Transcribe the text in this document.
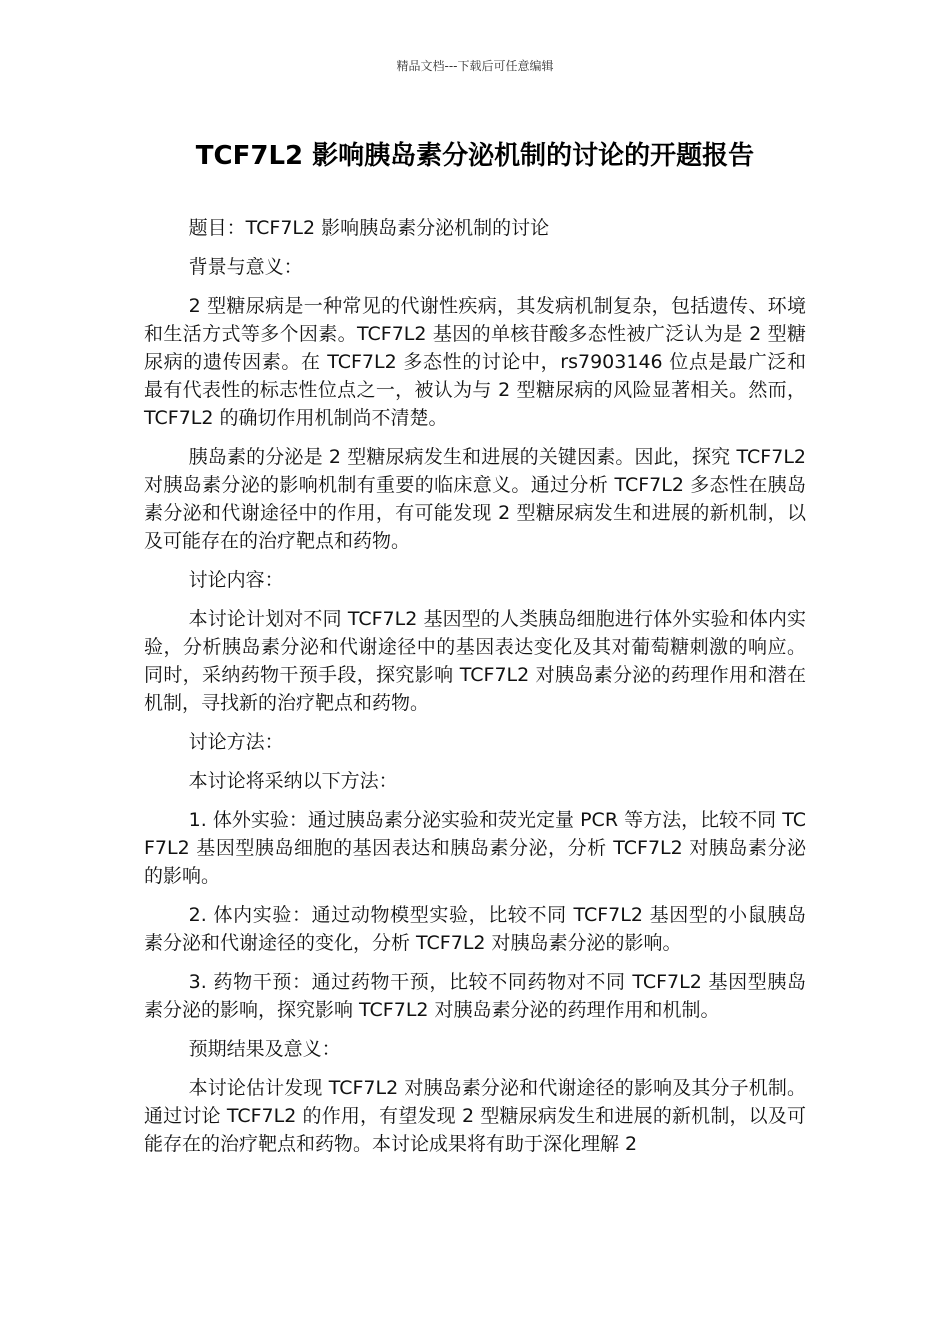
精品文档---下载后可任意编辑
TCF7L2 影响胰岛素分泌机制的讨论的开题报告

题目：TCF7L2 影响胰岛素分泌机制的讨论

背景与意义：

2 型糖尿病是一种常见的代谢性疾病，其发病机制复杂，包括遗传、环境和生活方式等多个因素。TCF7L2 基因的单核苷酸多态性被广泛认为是 2 型糖尿病的遗传因素。在 TCF7L2 多态性的讨论中，rs7903146 位点是最广泛和最有代表性的标志性位点之一，被认为与 2 型糖尿病的风险显著相关。然而，TCF7L2 的确切作用机制尚不清楚。

胰岛素的分泌是 2 型糖尿病发生和进展的关键因素。因此，探究 TCF7L2 对胰岛素分泌的影响机制有重要的临床意义。通过分析 TCF7L2 多态性在胰岛素分泌和代谢途径中的作用，有可能发现 2 型糖尿病发生和进展的新机制，以及可能存在的治疗靶点和药物。

讨论内容：

本讨论计划对不同 TCF7L2 基因型的人类胰岛细胞进行体外实验和体内实验，分析胰岛素分泌和代谢途径中的基因表达变化及其对葡萄糖刺激的响应。同时，采纳药物干预手段，探究影响 TCF7L2 对胰岛素分泌的药理作用和潜在机制，寻找新的治疗靶点和药物。

讨论方法：

本讨论将采纳以下方法：

1. 体外实验：通过胰岛素分泌实验和荧光定量 PCR 等方法，比较不同 TCF7L2 基因型胰岛细胞的基因表达和胰岛素分泌，分析 TCF7L2 对胰岛素分泌的影响。

2. 体内实验：通过动物模型实验，比较不同 TCF7L2 基因型的小鼠胰岛素分泌和代谢途径的变化，分析 TCF7L2 对胰岛素分泌的影响。

3. 药物干预：通过药物干预，比较不同药物对不同 TCF7L2 基因型胰岛素分泌的影响，探究影响 TCF7L2 对胰岛素分泌的药理作用和机制。

预期结果及意义：

本讨论估计发现 TCF7L2 对胰岛素分泌和代谢途径的影响及其分子机制。通过讨论 TCF7L2 的作用，有望发现 2 型糖尿病发生和进展的新机制，以及可能存在的治疗靶点和药物。本讨论成果将有助于深化理解 2
